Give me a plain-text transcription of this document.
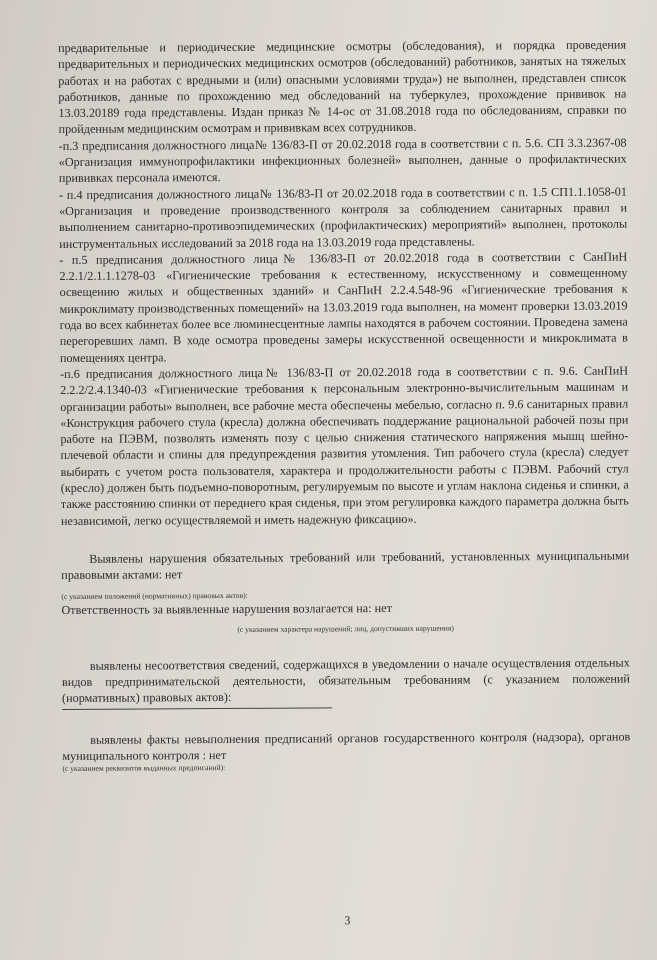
предварительные и периодические медицинские осмотры (обследования), и порядка проведения предварительных и периодических медицинских осмотров (обследований) работников, занятых на тяжелых работах и на работах с вредными и (или) опасными условиями труда») не выполнен, представлен список работников, данные по прохождению мед обследований на туберкулез, прохождение прививок на 13.03.20189 года представлены. Издан приказ № 14-ос от 31.08.2018 года по обследованиям, справки по пройденным медицинским осмотрам и прививкам всех сотрудников.

-п.3 предписания должностного лица№ 136/83-П от 20.02.2018 года в соответствии с п. 5.6. СП 3.3.2367-08 «Организация иммунопрофилактики инфекционных болезней» выполнен, данные о профилактических прививках персонала имеются.

- п.4 предписания должностного лица№ 136/83-П от 20.02.2018 года в соответствии с п. 1.5 СП1.1.1058-01 «Организация и проведение производственного контроля за соблюдением санитарных правил и выполнением санитарно-противоэпидемических (профилактических) мероприятий» выполнен, протоколы инструментальных исследований за 2018 года на 13.03.2019 года представлены.

- п.5 предписания должностного лица№ 136/83-П от 20.02.2018 года в соответствии с СанПиН 2.2.1/2.1.1.1278-03 «Гигиенические требования к естественному, искусственному и совмещенному освещению жилых и общественных зданий» и СанПиН 2.2.4.548-96 «Гигиенические требования к микроклимату производственных помещений» на 13.03.2019 года выполнен, на момент проверки 13.03.2019 года во всех кабинетах более все люминесцентные лампы находятся в рабочем состоянии. Проведена замена перегоревших ламп. В ходе осмотра проведены замеры искусственной освещенности и микроклимата в помещениях центра.

-п.6 предписания должностного лица№ 136/83-П от 20.02.2018 года в соответствии с п. 9.6. СанПиН 2.2.2/2.4.1340-03 «Гигиенические требования к персональным электронно-вычислительным машинам и организации работы» выполнен, все рабочие места обеспечены мебелью, согласно п. 9.6 санитарных правил «Конструкция рабочего стула (кресла) должна обеспечивать поддержание рациональной рабочей позы при работе на ПЭВМ, позволять изменять позу с целью снижения статического напряжения мышц шейно-плечевой области и спины для предупреждения развития утомления. Тип рабочего стула (кресла) следует выбирать с учетом роста пользователя, характера и продолжительности работы с ПЭВМ. Рабочий стул (кресло) должен быть подъемно-поворотным, регулируемым по высоте и углам наклона сиденья и спинки, а также расстоянию спинки от переднего края сиденья, при этом регулировка каждого параметра должна быть независимой, легко осуществляемой и иметь надежную фиксацию».

Выявлены нарушения обязательных требований или требований, установленных муниципальными правовыми актами: нет

(с указанием положений (нормативных) правовых актов):

Ответственность за выявленные нарушения возлагается на: нет

(с указанием характера нарушений; лиц, допустивших нарушения)

выявлены несоответствия сведений, содержащихся в уведомлении о начале осуществления отдельных видов предпринимательской деятельности, обязательным требованиям (с указанием положений (нормативных) правовых актов):

выявлены факты невыполнения предписаний органов государственного контроля (надзора), органов муниципального контроля : нет

(с указанием реквизитов выданных предписаний):

3
